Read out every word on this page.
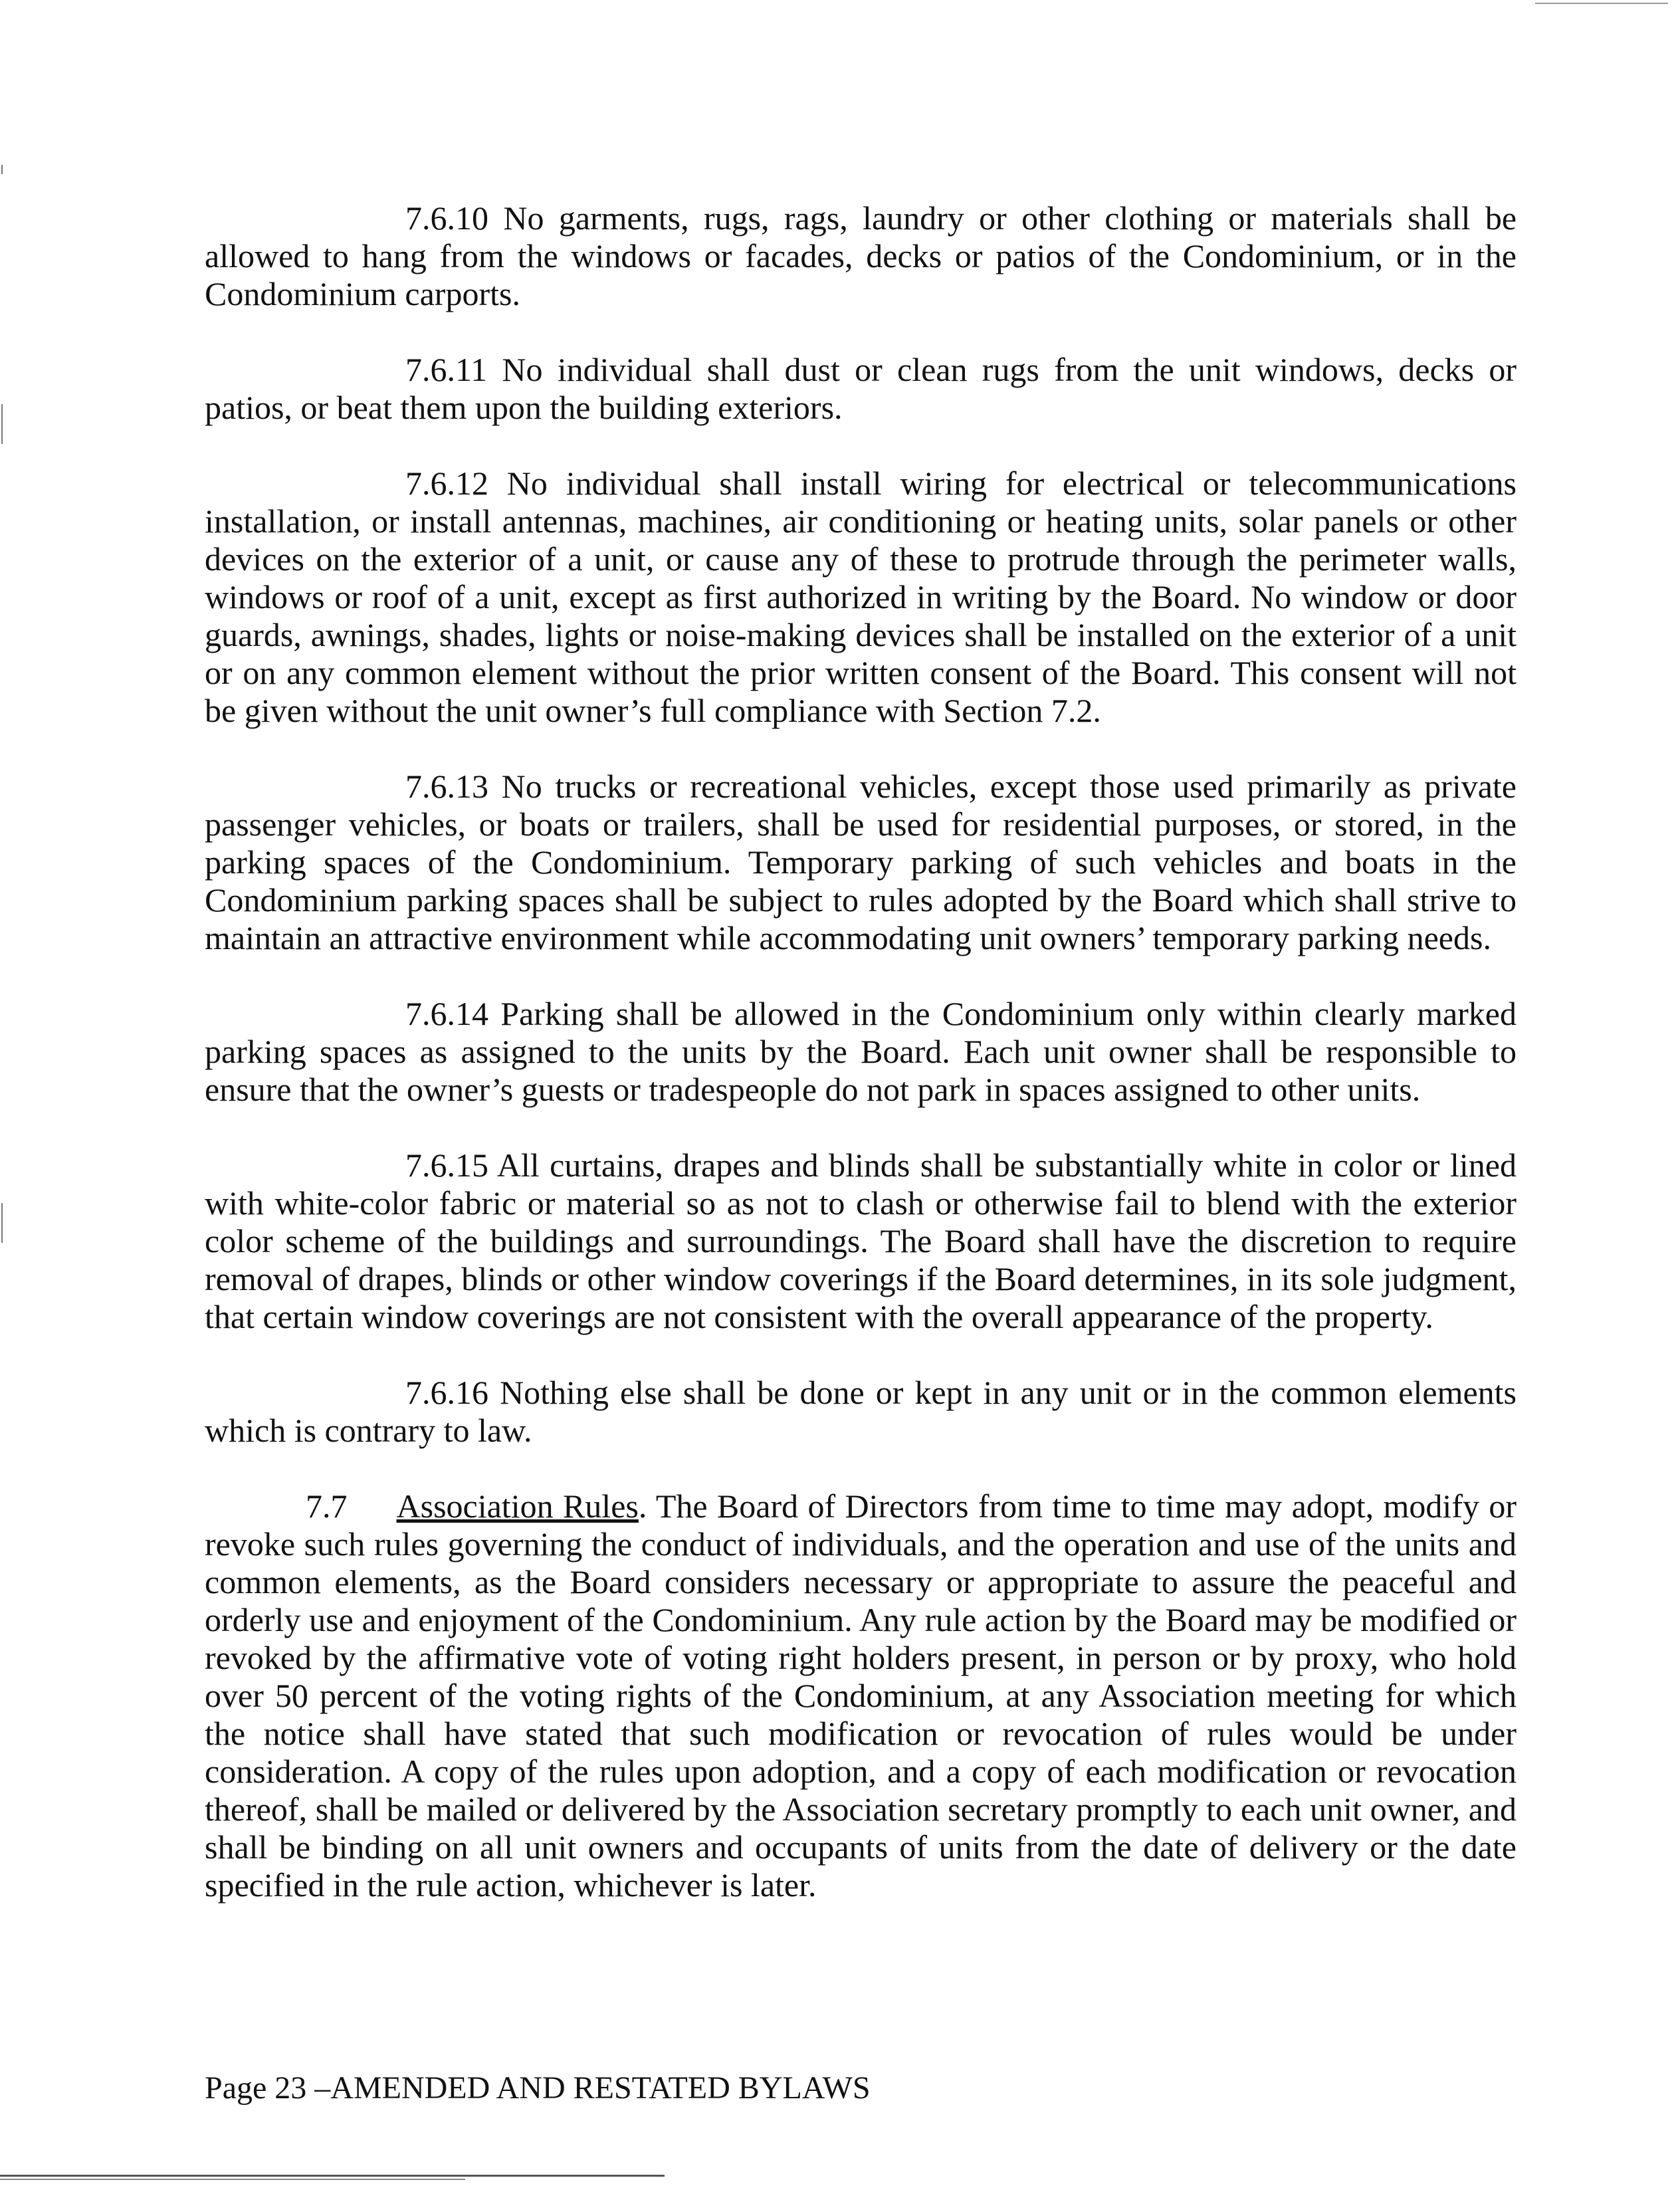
7.6.10 No garments, rugs, rags, laundry or other clothing or materials shall be allowed to hang from the windows or facades, decks or patios of the Condominium, or in the Condominium carports.

7.6.11 No individual shall dust or clean rugs from the unit windows, decks or patios, or beat them upon the building exteriors.

7.6.12 No individual shall install wiring for electrical or telecommunications installation, or install antennas, machines, air conditioning or heating units, solar panels or other devices on the exterior of a unit, or cause any of these to protrude through the perimeter walls, windows or roof of a unit, except as first authorized in writing by the Board. No window or door guards, awnings, shades, lights or noise-making devices shall be installed on the exterior of a unit or on any common element without the prior written consent of the Board. This consent will not be given without the unit owner’s full compliance with Section 7.2.

7.6.13 No trucks or recreational vehicles, except those used primarily as private passenger vehicles, or boats or trailers, shall be used for residential purposes, or stored, in the parking spaces of the Condominium. Temporary parking of such vehicles and boats in the Condominium parking spaces shall be subject to rules adopted by the Board which shall strive to maintain an attractive environment while accommodating unit owners’ temporary parking needs.

7.6.14 Parking shall be allowed in the Condominium only within clearly marked parking spaces as assigned to the units by the Board. Each unit owner shall be responsible to ensure that the owner’s guests or tradespeople do not park in spaces assigned to other units.

7.6.15 All curtains, drapes and blinds shall be substantially white in color or lined with white-color fabric or material so as not to clash or otherwise fail to blend with the exterior color scheme of the buildings and surroundings. The Board shall have the discretion to require removal of drapes, blinds or other window coverings if the Board determines, in its sole judgment, that certain window coverings are not consistent with the overall appearance of the property.

7.6.16 Nothing else shall be done or kept in any unit or in the common elements which is contrary to law.

7.7 Association Rules. The Board of Directors from time to time may adopt, modify or revoke such rules governing the conduct of individuals, and the operation and use of the units and common elements, as the Board considers necessary or appropriate to assure the peaceful and orderly use and enjoyment of the Condominium. Any rule action by the Board may be modified or revoked by the affirmative vote of voting right holders present, in person or by proxy, who hold over 50 percent of the voting rights of the Condominium, at any Association meeting for which the notice shall have stated that such modification or revocation of rules would be under consideration. A copy of the rules upon adoption, and a copy of each modification or revocation thereof, shall be mailed or delivered by the Association secretary promptly to each unit owner, and shall be binding on all unit owners and occupants of units from the date of delivery or the date specified in the rule action, whichever is later.

Page 23 –AMENDED AND RESTATED BYLAWS
